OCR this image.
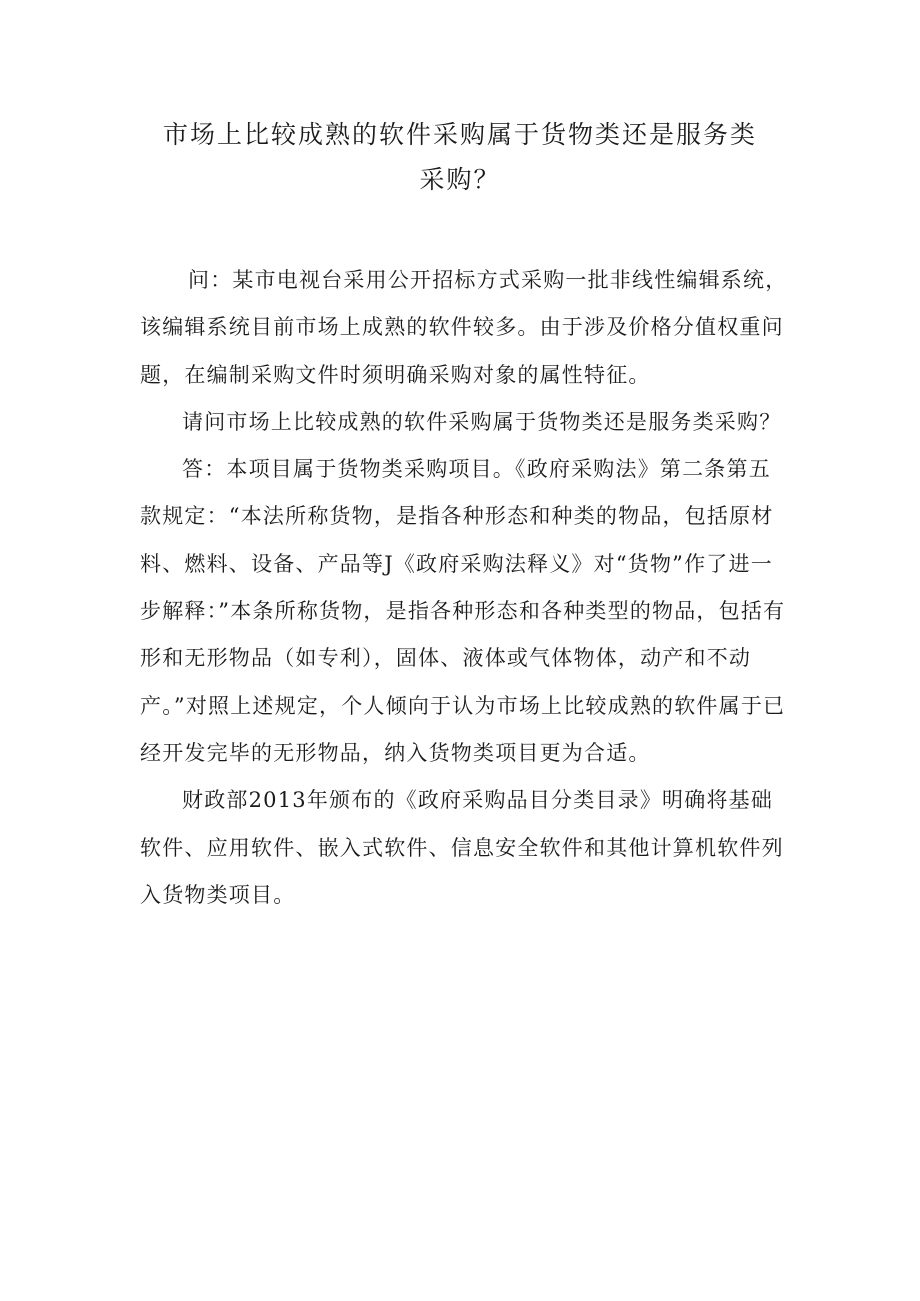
市场上比较成熟的软件采购属于货物类还是服务类
采购？

问：某市电视台采用公开招标方式采购一批非线性编辑系统，该编辑系统目前市场上成熟的软件较多。由于涉及价格分值权重问题，在编制采购文件时须明确采购对象的属性特征。

请问市场上比较成熟的软件采购属于货物类还是服务类采购？

答：本项目属于货物类采购项目。《政府采购法》第二条第五款规定：“本法所称货物，是指各种形态和种类的物品，包括原材料、燃料、设备、产品等J《政府采购法释义》对“货物”作了进一步解释：”本条所称货物，是指各种形态和各种类型的物品，包括有形和无形物品（如专利），固体、液体或气体物体，动产和不动产。”对照上述规定，个人倾向于认为市场上比较成熟的软件属于已经开发完毕的无形物品，纳入货物类项目更为合适。

财政部2013年颁布的《政府采购品目分类目录》明确将基础软件、应用软件、嵌入式软件、信息安全软件和其他计算机软件列入货物类项目。
